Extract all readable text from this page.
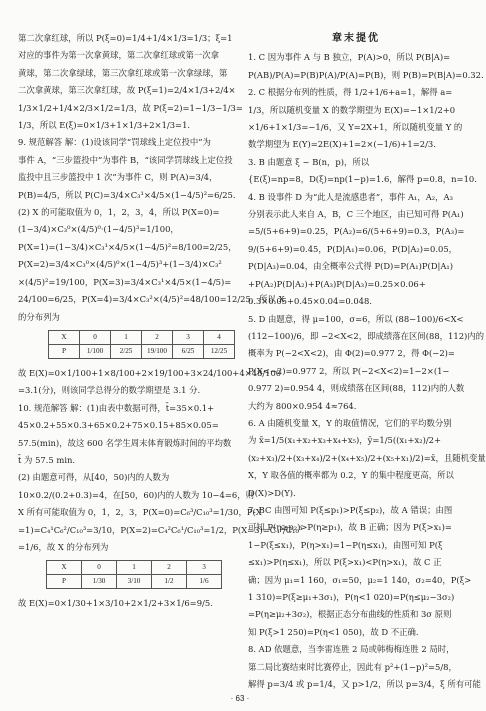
第二次拿红球，所以 P(ξ=0)=1/4+1/4×1/3=1/3；ξ=1
对应的事件为第一次拿黄球，第二次拿红球或第一次拿
黄球，第二次拿绿球，第三次拿红球或第一次拿绿球，第
二次拿黄球，第三次拿红球，故 P(ξ=1)=2/4×1/3+2/4×
1/3×1/2+1/4×2/3×1/2=1/3，故 P(ξ=2)=1−1/3−1/3=
1/3，所以 E(ξ)=0×1/3+1×1/3+2×1/3=1.
9. 规范解答 解：(1)设该同学“罚球线上定位投中”为
事件 A，“三步篮投中”为事件 B，“该同学罚球线上定位投
监投中且三步篮投中 1 次”为事件 C，则 P(A)=3/4，
P(B)=4/5，所以 P(C)=3/4×C₃¹×4/5×(1−4/5)²=6/25.
(2) X 的可能取值为 0，1，2，3，4，所以 P(X=0)=
(1−3/4)×C₃⁰×(4/5)⁰·(1−4/5)³=1/100，
P(X=1)=(1−3/4)×C₃¹×4/5×(1−4/5)²=8/100=2/25，
P(X=2)=3/4×C₃⁰×(4/5)⁰×(1−4/5)³+(1−3/4)×C₃²
×(4/5)²=19/100，P(X=3)=3/4×C₃¹×4/5×(1−4/5)=
24/100=6/25，P(X=4)=3/4×C₃²×(4/5)²=48/100=12/25，所以 X
的分布列为
X	0	1	2	3	4
P	1/100	2/25	19/100	6/25	12/25
故 E(X)=0×1/100+1×8/100+2×19/100+3×24/100+4×48/100
=3.1(分)，则该同学总得分的数学期望是 3.1 分.
10. 规范解答 解：(1)由表中数据可得，t̄=35×0.1+
45×0.2+55×0.3+65×0.2+75×0.15+85×0.05=
57.5(min)，故这 600 名学生周末体育锻炼时间的平均数
t̄ 为 57.5 min.
(2) 由题意可得，从[40，50)内的人数为
10×0.2/(0.2+0.3)=4，在[50，60)内的人数为 10−4=6，则
X 所有可能取值为 0，1，2，3，P(X=0)=C₆³/C₁₀³=1/30，P(X
=1)=C₄¹C₆²/C₁₀³=3/10，P(X=2)=C₄²C₆¹/C₁₀³=1/2，P(X=3)=C₄³/C₁₀³
=1/6，故 X 的分布列为
X	0	1	2	3
P	1/30	3/10	1/2	1/6
故 E(X)=0×1/30+1×3/10+2×1/2+3×1/6=9/5.
章末提优
1. C 因为事件 A 与 B 独立，P(A)>0，所以 P(B|A)=
P(AB)/P(A)=P(B)P(A)/P(A)=P(B)，则 P(B)=P(B|A)=0.32.
2. C 根据分布列的性质，得 1/2+1/6+a=1，解得 a=
1/3，所以随机变量 X 的数学期望为 E(X)=−1×1/2+0
×1/6+1×1/3=−1/6，又 Y=2X+1，所以随机变量 Y 的
数学期望为 E(Y)=2E(X)+1=2×(−1/6)+1=2/3.
3. B 由题意 ξ ~ B(n，p)，所以
{E(ξ)=np=8，D(ξ)=np(1−p)=1.6，解得 p=0.8，n=10.
4. B 设事件 D 为“此人是流感患者”，事件 A₁，A₂，A₃
分别表示此人来自 A，B，C 三个地区，由已知可得 P(A₁)
=5/(5+6+9)=0.25，P(A₂)=6/(5+6+9)=0.3，P(A₃)=
9/(5+6+9)=0.45，P(D|A₁)=0.06，P(D|A₂)=0.05，
P(D|A₃)=0.04，由全概率公式得 P(D)=P(A₁)P(D|A₁)
+P(A₂)P(D|A₂)+P(A₃)P(D|A₃)=0.25×0.06+
0.3×0.05+0.45×0.04=0.048.
5. D 由题意，得 μ=100，σ=6，所以 (88−100)/6<X<
(112−100)/6，即 −2<X<2，即成绩落在区间(88，112)内的
概率为 P(−2<X<2)，由 Φ(2)=0.977 2，得 Φ(−2)=
P(X<−2)=0.977 2，所以 P(−2<X<2)=1−2×(1−
0.977 2)=0.954 4，则成绩落在区间(88，112)内的人数
大约为 800×0.954 4≈764.
6. A 由随机变量 X，Y 的取值情况，它们的平均数分别
为 x̄=1/5(x₁+x₂+x₃+x₄+x₅)，ȳ=1/5((x₁+x₂)/2+
(x₂+x₃)/2+(x₃+x₄)/2+(x₄+x₅)/2+(x₅+x₁)/2)=x̄，且随机变量
X，Y 取各值的概率都为 0.2，Y 的集中程度更高，所以
D(X)>D(Y).
7. BC 由图可知 P(ξ≤p₁)>P(ξ≤p₂)，故 A 错误；由图
可知 P(η≥p₂)>P(η≥p₁)，故 B 正确；因为 P(ξ>x₁)=
1−P(ξ≤x₁)，P(η>x₁)=1−P(η≤x₁)，由图可知 P(ξ
≤x₁)>P(η≤x₁)，所以 P(ξ>x₁)<P(η>x₁)，故 C 正
确；因为 μ₁=1 160，σ₁=50，μ₂=1 140，σ₂=40，P(ξ>
1 310)=P(ξ≥μ₁+3σ₁)，P(η<1 020)=P(η≤μ₂−3σ₂)
=P(η≥μ₂+3σ₂)，根据正态分布曲线的性质和 3σ 原则
知 P(ξ>1 250)=P(η<1 050)，故 D 不正确.
8. AD 依题意，当李雷连胜 2 局或韩梅梅连胜 2 局时，
第二局比赛结束时比赛停止，因此有 p²+(1−p)²=5/8，
解得 p=3/4 或 p=1/4，又 p>1/2，所以 p=3/4，ξ 所有可能
· 63 ·
